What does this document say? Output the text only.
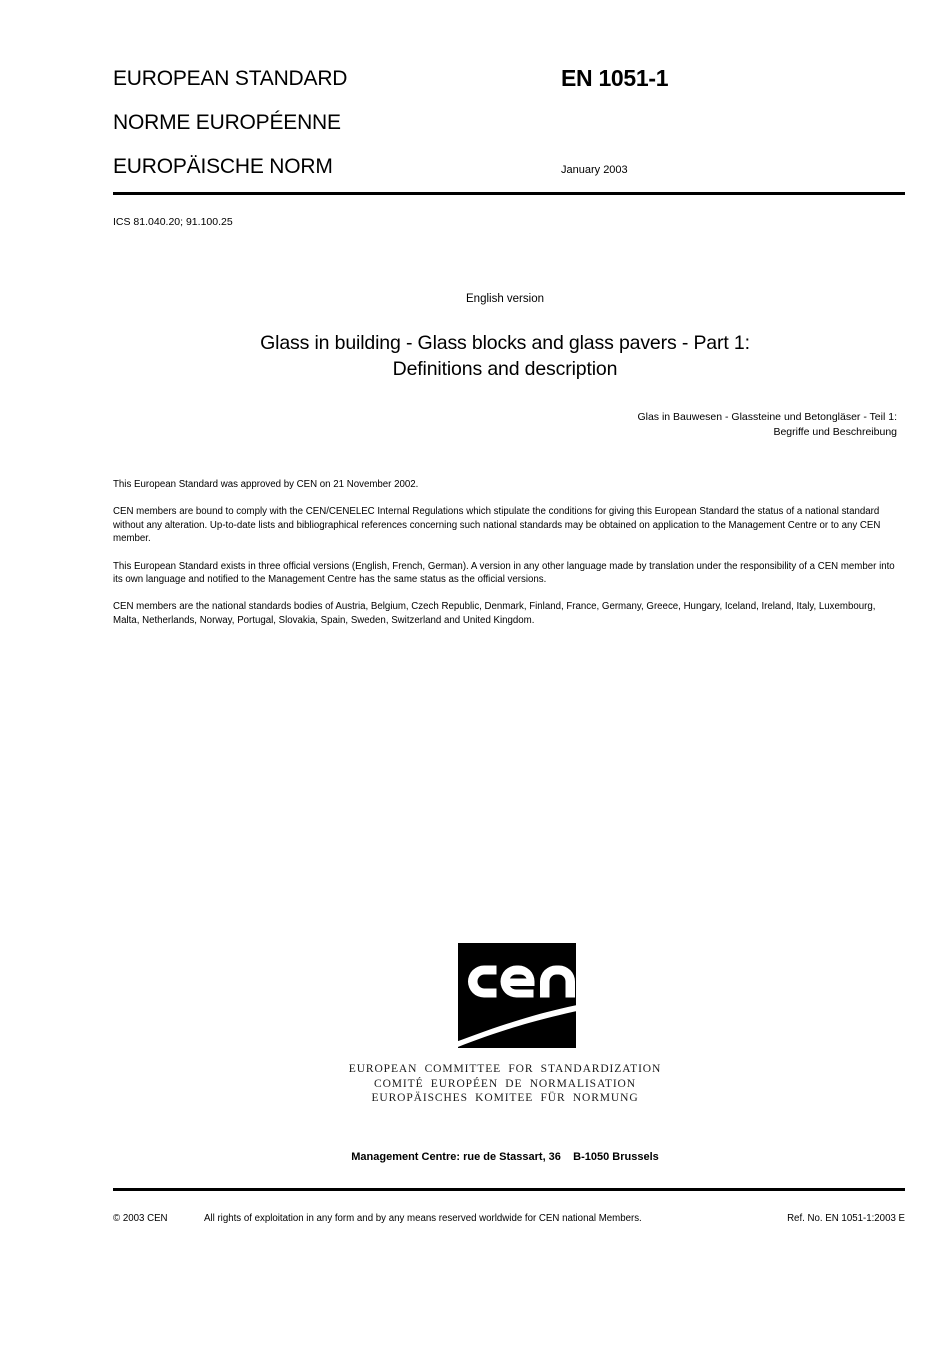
EUROPEAN STANDARD
NORME EUROPÉENNE
EUROPÄISCHE NORM
EN 1051-1
January 2003
ICS 81.040.20; 91.100.25
English version
Glass in building - Glass blocks and glass pavers - Part 1:
Definitions and description
Glas in Bauwesen - Glassteine und Betongläser - Teil 1:
Begriffe und Beschreibung

This European Standard was approved by CEN on 21 November 2002.

CEN members are bound to comply with the CEN/CENELEC Internal Regulations which stipulate the conditions for giving this European Standard the status of a national standard without any alteration. Up-to-date lists and bibliographical references concerning such national standards may be obtained on application to the Management Centre or to any CEN member.

This European Standard exists in three official versions (English, French, German). A version in any other language made by translation under the responsibility of a CEN member into its own language and notified to the Management Centre has the same status as the official versions.

CEN members are the national standards bodies of Austria, Belgium, Czech Republic, Denmark, Finland, France, Germany, Greece, Hungary, Iceland, Ireland, Italy, Luxembourg, Malta, Netherlands, Norway, Portugal, Slovakia, Spain, Sweden, Switzerland and United Kingdom.

EUROPEAN COMMITTEE FOR STANDARDIZATION
COMITÉ EUROPÉEN DE NORMALISATION
EUROPÄISCHES KOMITEE FÜR NORMUNG
Management Centre: rue de Stassart, 36    B-1050 Brussels
© 2003 CEN	All rights of exploitation in any form and by any means reserved worldwide for CEN national Members.	Ref. No. EN 1051-1:2003 E
